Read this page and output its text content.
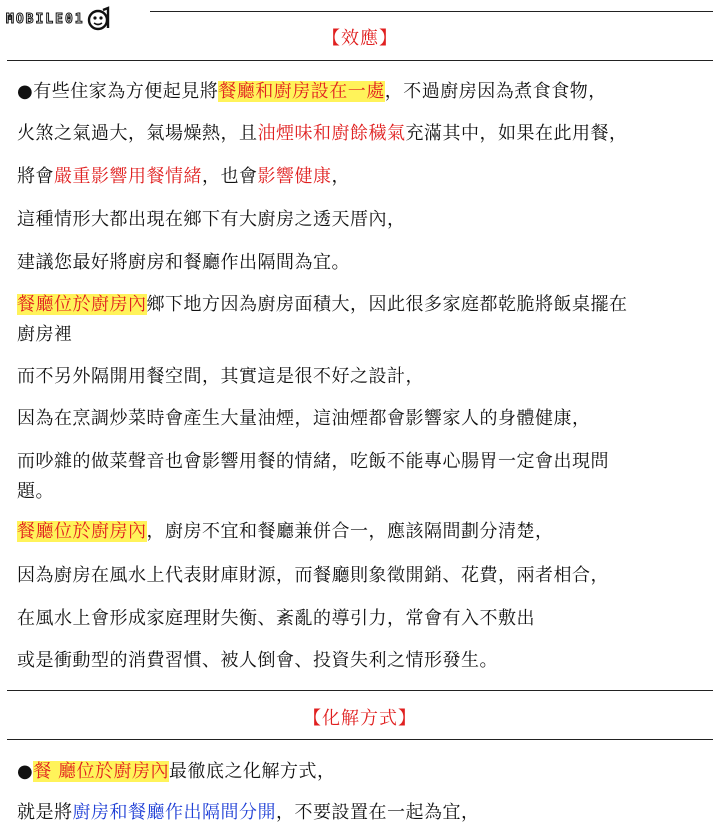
MOBILE01
【效應】
●有些住家為方便起見將餐廳和廚房設在一處，不過廚房因為煮食食物，
火煞之氣過大，氣場燥熱，且油煙味和廚餘穢氣充滿其中，如果在此用餐，
將會嚴重影響用餐情緒，也會影響健康，
這種情形大都出現在鄉下有大廚房之透天厝內，
建議您最好將廚房和餐廳作出隔間為宜。
餐廳位於廚房內鄉下地方因為廚房面積大，因此很多家庭都乾脆將飯桌擺在
廚房裡
而不另外隔開用餐空間，其實這是很不好之設計，
因為在烹調炒菜時會產生大量油煙，這油煙都會影響家人的身體健康，
而吵雜的做菜聲音也會影響用餐的情緒，吃飯不能專心腸胃一定會出現問
題。
餐廳位於廚房內，廚房不宜和餐廳兼併合一，應該隔間劃分清楚，
因為廚房在風水上代表財庫財源，而餐廳則象徵開銷、花費，兩者相合，
在風水上會形成家庭理財失衡、紊亂的導引力，常會有入不敷出
或是衝動型的消費習慣、被人倒會、投資失利之情形發生。
【化解方式】
●餐 廳位於廚房內最徹底之化解方式，
就是將廚房和餐廳作出隔間分開，不要設置在一起為宜，
